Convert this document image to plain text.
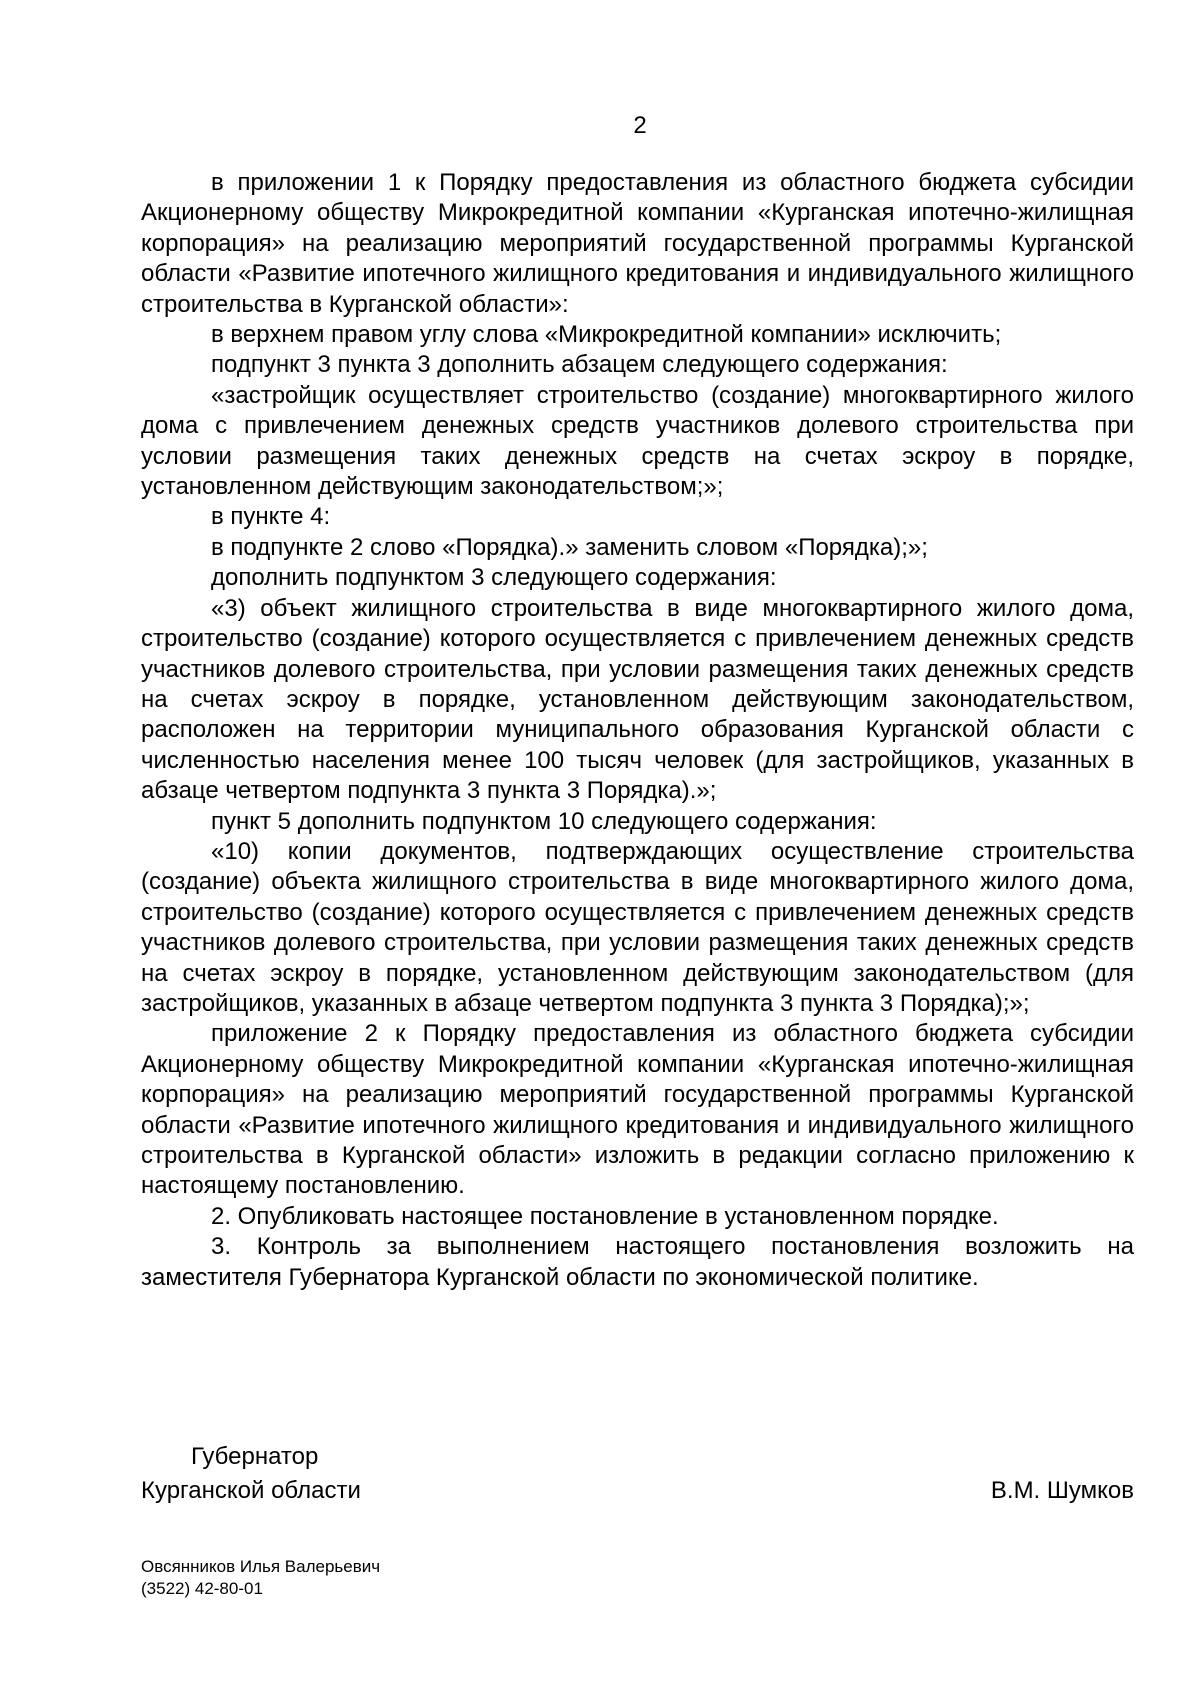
2

в приложении 1 к Порядку предоставления из областного бюджета субсидии Акционерному обществу Микрокредитной компании «Курганская ипотечно-жилищная корпорация» на реализацию мероприятий государственной программы Курганской области «Развитие ипотечного жилищного кредитования и индивидуального жилищного строительства в Курганской области»:

в верхнем правом углу слова «Микрокредитной компании» исключить;

подпункт 3 пункта 3 дополнить абзацем следующего содержания:

«застройщик осуществляет строительство (создание) многоквартирного жилого дома с привлечением денежных средств участников долевого строительства при условии размещения таких денежных средств на счетах эскроу в порядке, установленном действующим законодательством;»;

в пункте 4:

в подпункте 2 слово «Порядка).» заменить словом «Порядка);»;

дополнить подпунктом 3 следующего содержания:

«3) объект жилищного строительства в виде многоквартирного жилого дома, строительство (создание) которого осуществляется с привлечением денежных средств участников долевого строительства, при условии размещения таких денежных средств на счетах эскроу в порядке, установленном действующим законодательством, расположен на территории муниципального образования Курганской области с численностью населения менее 100 тысяч человек (для застройщиков, указанных в абзаце четвертом подпункта 3 пункта 3 Порядка).»;

пункт 5 дополнить подпунктом 10 следующего содержания:

«10) копии документов, подтверждающих осуществление строительства (создание) объекта жилищного строительства в виде многоквартирного жилого дома, строительство (создание) которого осуществляется с привлечением денежных средств участников долевого строительства, при условии размещения таких денежных средств на счетах эскроу в порядке, установленном действующим законодательством (для застройщиков, указанных в абзаце четвертом подпункта 3 пункта 3 Порядка);»;

приложение 2 к Порядку предоставления из областного бюджета субсидии Акционерному обществу Микрокредитной компании «Курганская ипотечно-жилищная корпорация» на реализацию мероприятий государственной программы Курганской области «Развитие ипотечного жилищного кредитования и индивидуального жилищного строительства в Курганской области» изложить в редакции согласно приложению к настоящему постановлению.

2. Опубликовать настоящее постановление в установленном порядке.

3. Контроль за выполнением настоящего постановления возложить на заместителя Губернатора Курганской области по экономической политике.

Губернатор
Курганской области	В.М. Шумков
Овсянников Илья Валерьевич
(3522) 42-80-01
